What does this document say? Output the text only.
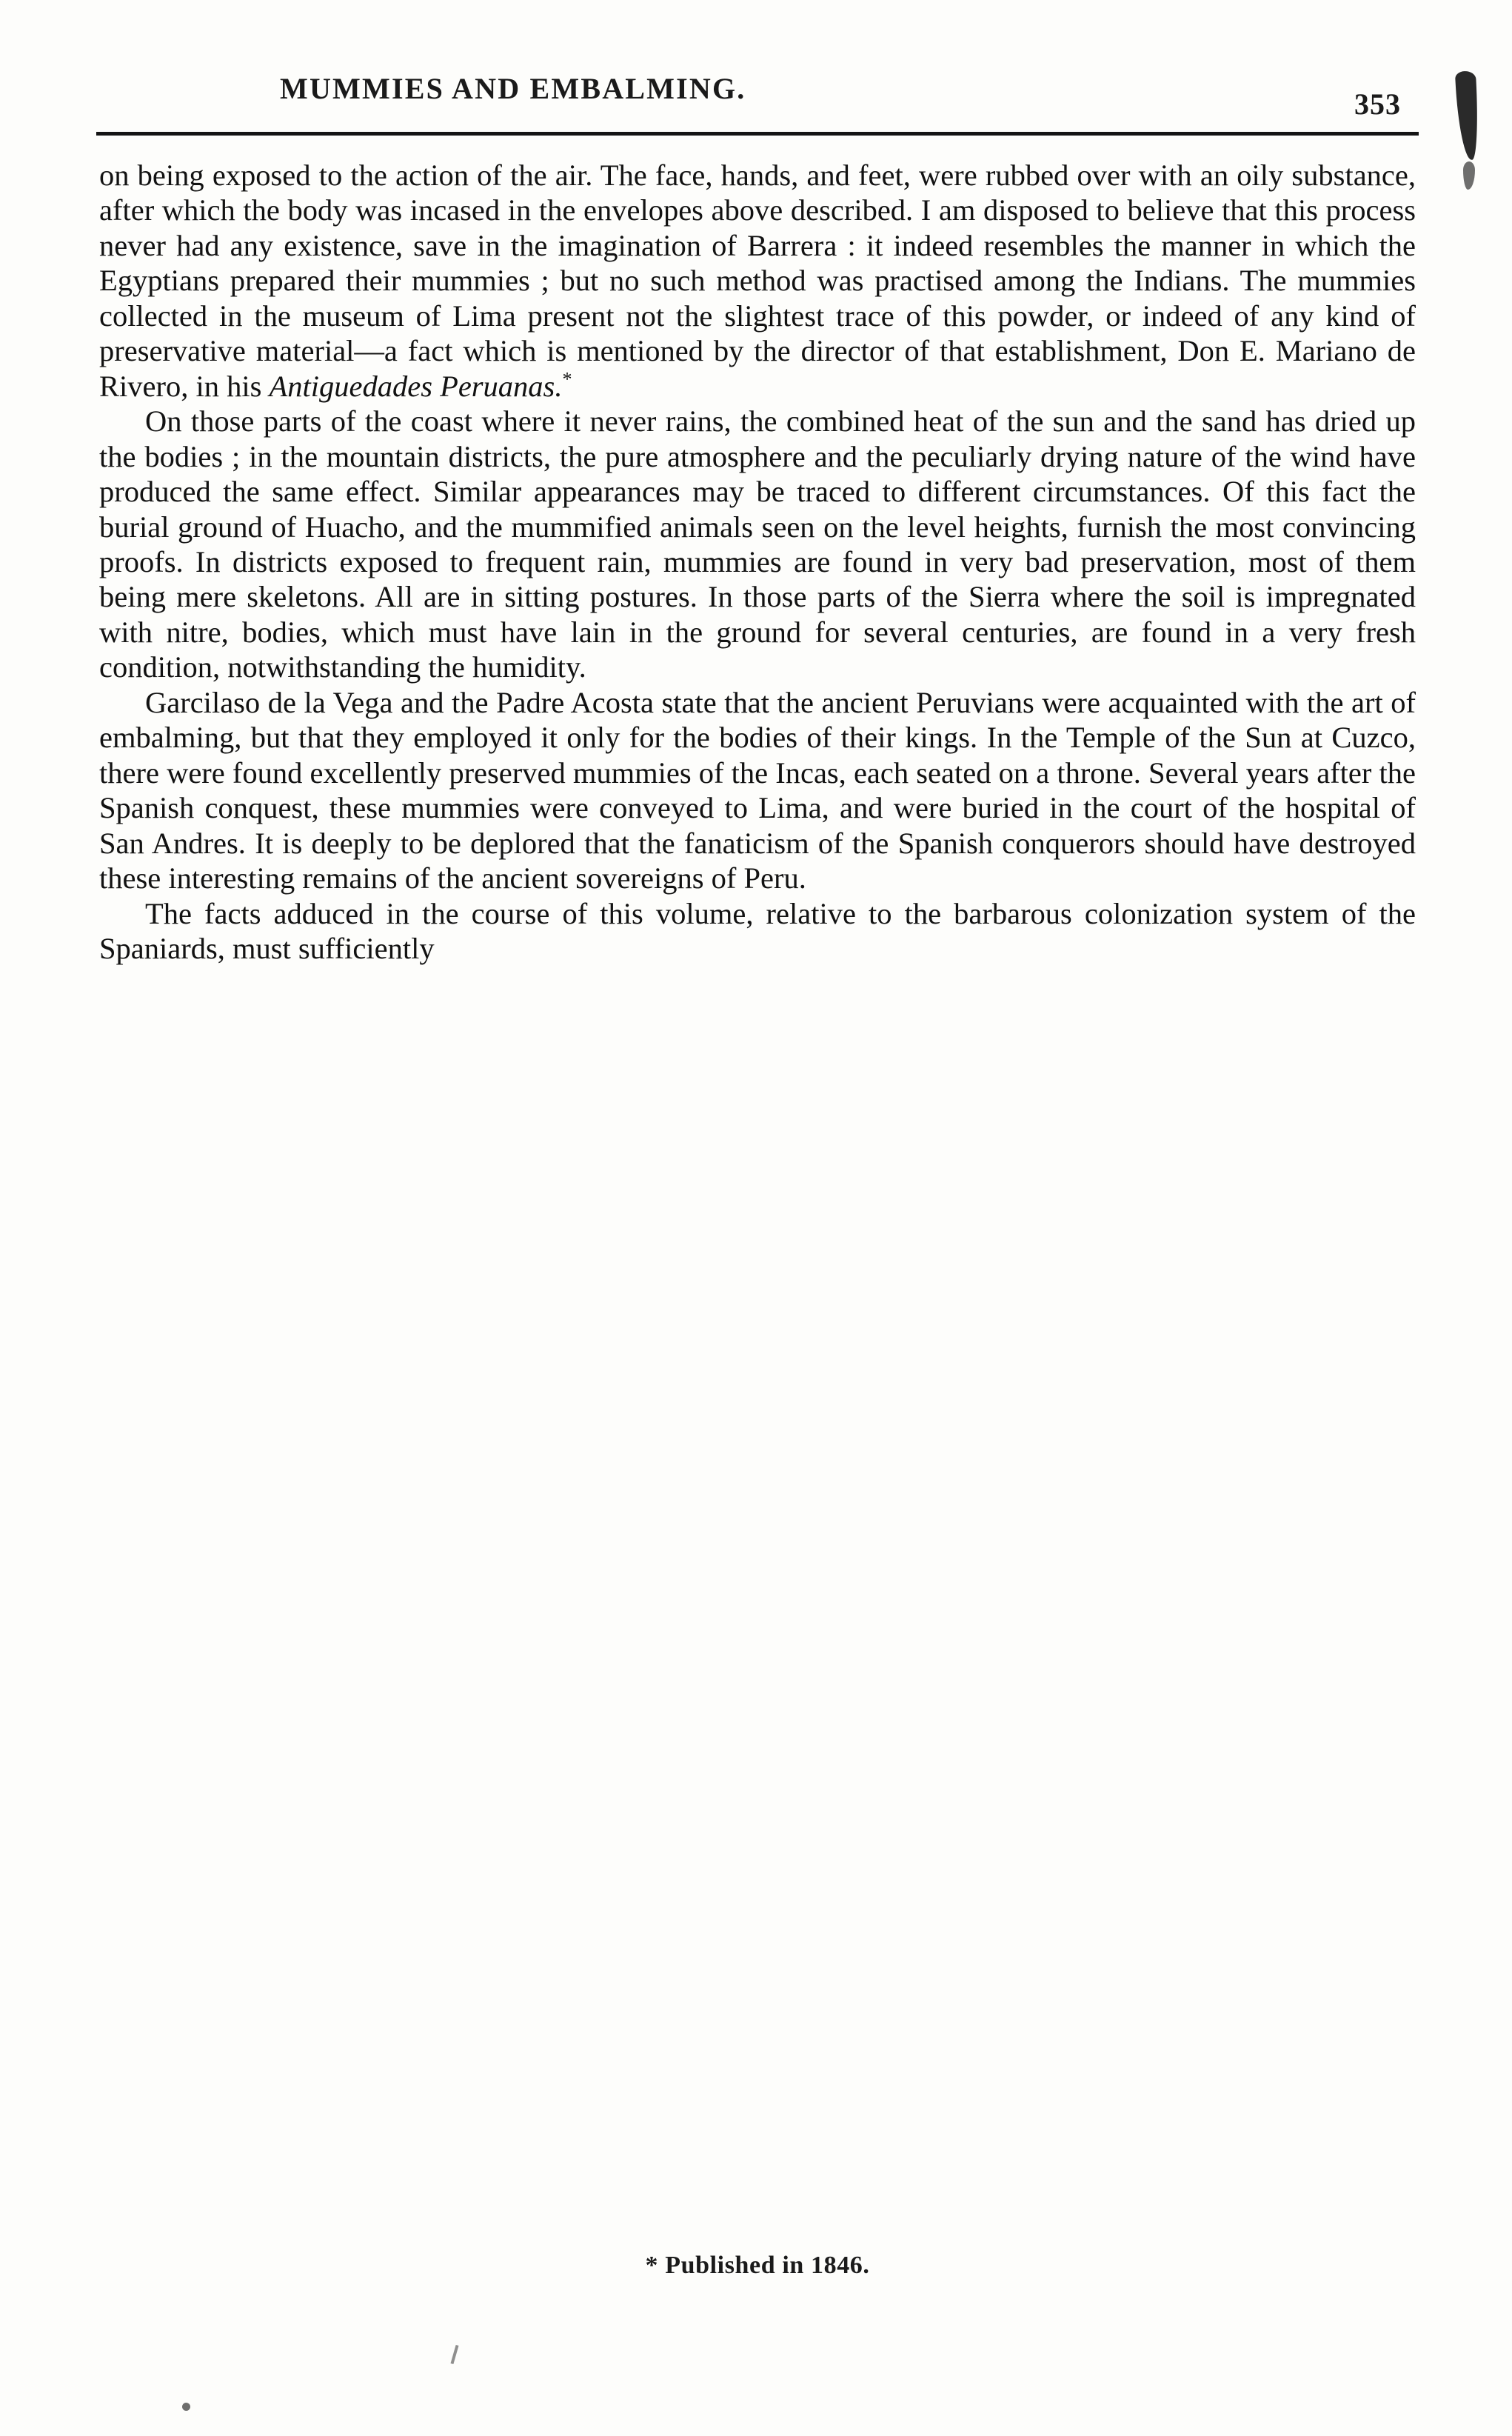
MUMMIES AND EMBALMING.	353

on being exposed to the action of the air. The face, hands, and feet, were rubbed over with an oily substance, after which the body was incased in the envelopes above described. I am disposed to believe that this process never had any existence, save in the imagination of Barrera : it indeed resembles the manner in which the Egyptians prepared their mummies ; but no such method was practised among the Indians. The mummies collected in the museum of Lima present not the slightest trace of this powder, or indeed of any kind of preservative material—a fact which is mentioned by the director of that establishment, Don E. Mariano de Rivero, in his Antiguedades Peruanas.*

On those parts of the coast where it never rains, the combined heat of the sun and the sand has dried up the bodies ; in the mountain districts, the pure atmosphere and the peculiarly drying nature of the wind have produced the same effect. Similar appearances may be traced to different circumstances. Of this fact the burial ground of Huacho, and the mummified animals seen on the level heights, furnish the most convincing proofs. In districts exposed to frequent rain, mummies are found in very bad preservation, most of them being mere skeletons. All are in sitting postures. In those parts of the Sierra where the soil is impregnated with nitre, bodies, which must have lain in the ground for several centuries, are found in a very fresh condition, notwithstanding the humidity.

Garcilaso de la Vega and the Padre Acosta state that the ancient Peruvians were acquainted with the art of embalming, but that they employed it only for the bodies of their kings. In the Temple of the Sun at Cuzco, there were found excellently preserved mummies of the Incas, each seated on a throne. Several years after the Spanish conquest, these mummies were conveyed to Lima, and were buried in the court of the hospital of San Andres. It is deeply to be deplored that the fanaticism of the Spanish conquerors should have destroyed these interesting remains of the ancient sovereigns of Peru.

The facts adduced in the course of this volume, relative to the barbarous colonization system of the Spaniards, must sufficiently

* Published in 1846.
